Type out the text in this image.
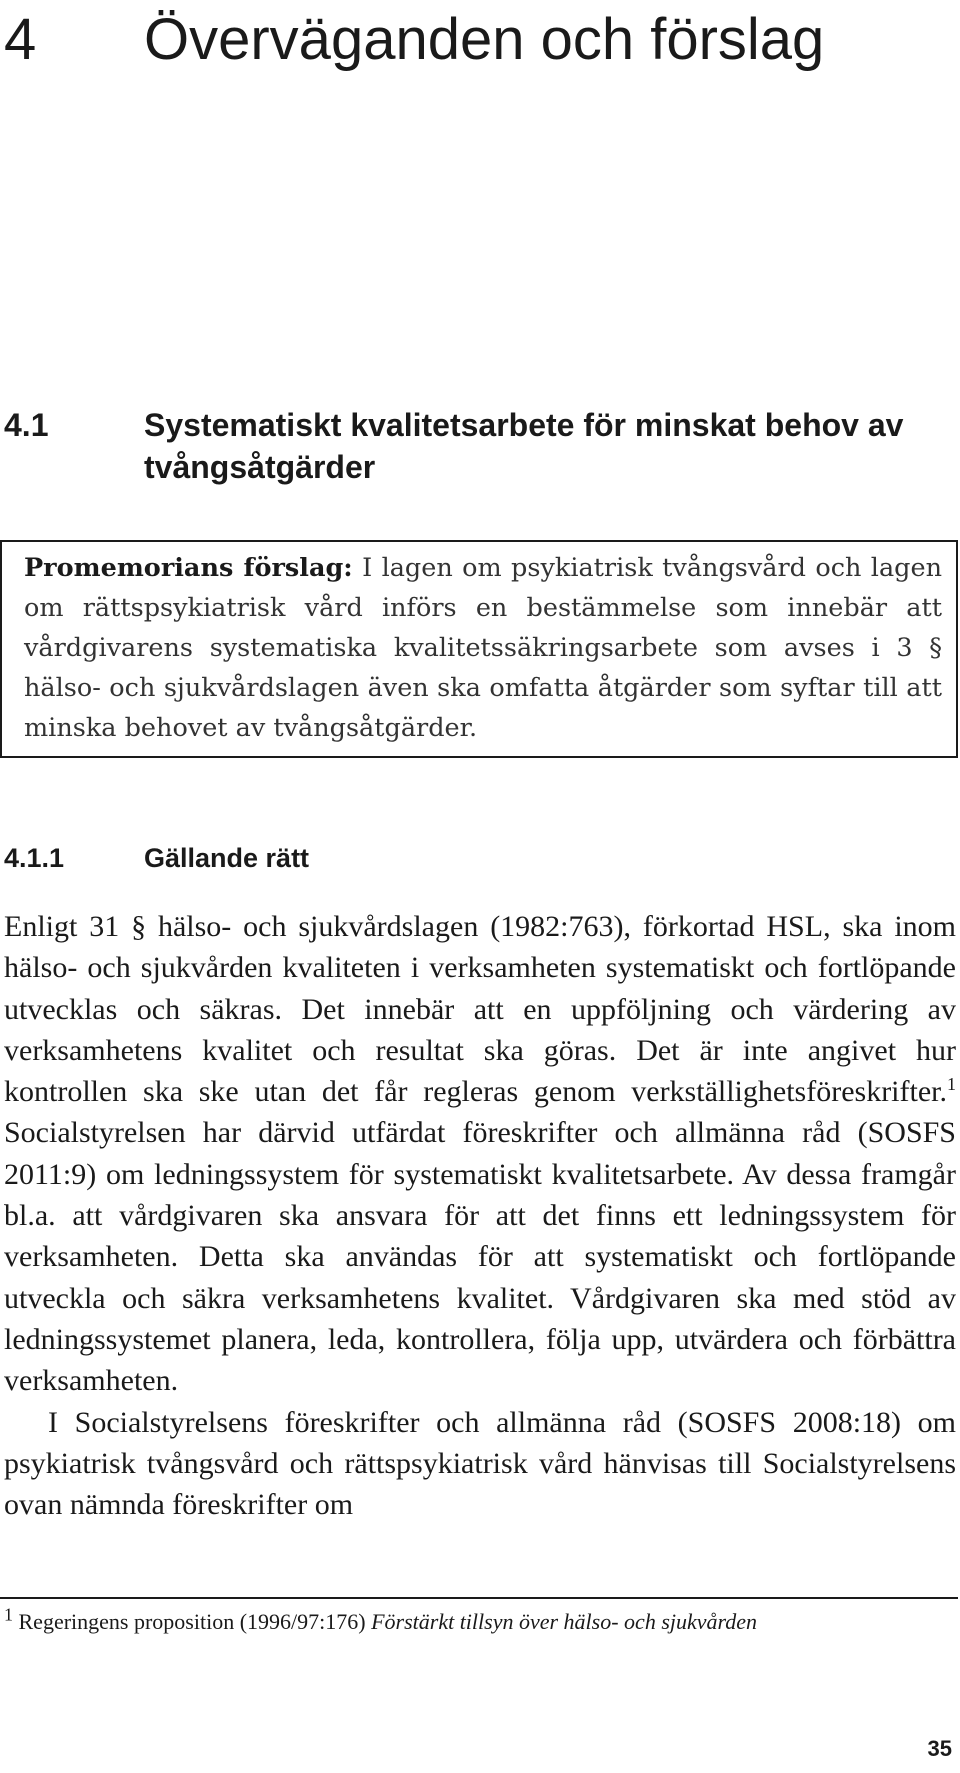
4 Överväganden och förslag
4.1	Systematiskt kvalitetsarbete för minskat behov av tvångsåtgärder
Promemorians förslag: I lagen om psykiatrisk tvångsvård och lagen om rättspsykiatrisk vård införs en bestämmelse som innebär att vårdgivarens systematiska kvalitetssäkringsarbete som avses i 3 § hälso- och sjukvårdslagen även ska omfatta åtgärder som syftar till att minska behovet av tvångsåtgärder.
4.1.1	Gällande rätt

Enligt 31 § hälso- och sjukvårdslagen (1982:763), förkortad HSL, ska inom hälso- och sjukvården kvaliteten i verksamheten systematiskt och fortlöpande utvecklas och säkras. Det innebär att en uppföljning och värdering av verksamhetens kvalitet och resultat ska göras. Det är inte angivet hur kontrollen ska ske utan det får regleras genom verkställighetsföreskrifter.$^1$ Socialstyrelsen har därvid utfärdat föreskrifter och allmänna råd (SOSFS 2011:9) om ledningssystem för systematiskt kvalitetsarbete. Av dessa framgår bl.a. att vårdgivaren ska ansvara för att det finns ett ledningssystem för verksamheten. Detta ska användas för att systematiskt och fortlöpande utveckla och säkra verksamhetens kvalitet. Vårdgivaren ska med stöd av ledningssystemet planera, leda, kontrollera, följa upp, utvärdera och förbättra verksamheten.

I Socialstyrelsens föreskrifter och allmänna råd (SOSFS 2008:18) om psykiatrisk tvångsvård och rättspsykiatrisk vård hänvisas till Socialstyrelsens ovan nämnda föreskrifter om

$^1$ Regeringens proposition (1996/97:176) Förstärkt tillsyn över hälso- och sjukvården

35
